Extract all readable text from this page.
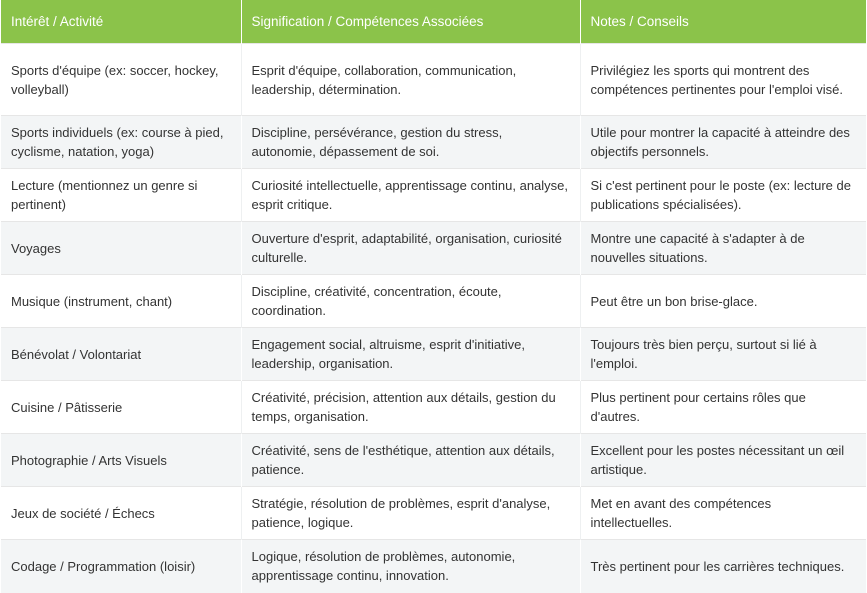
Intérêt / Activité	Signification / Compétences Associées	Notes / Conseils
Sports d'équipe (ex: soccer, hockey, volleyball)	Esprit d'équipe, collaboration, communication, leadership, détermination.	Privilégiez les sports qui montrent des compétences pertinentes pour l'emploi visé.
Sports individuels (ex: course à pied, cyclisme, natation, yoga)	Discipline, persévérance, gestion du stress, autonomie, dépassement de soi.	Utile pour montrer la capacité à atteindre des objectifs personnels.
Lecture (mentionnez un genre si pertinent)	Curiosité intellectuelle, apprentissage continu, analyse, esprit critique.	Si c'est pertinent pour le poste (ex: lecture de publications spécialisées).
Voyages	Ouverture d'esprit, adaptabilité, organisation, curiosité culturelle.	Montre une capacité à s'adapter à de nouvelles situations.
Musique (instrument, chant)	Discipline, créativité, concentration, écoute, coordination.	Peut être un bon brise-glace.
Bénévolat / Volontariat	Engagement social, altruisme, esprit d'initiative, leadership, organisation.	Toujours très bien perçu, surtout si lié à l'emploi.
Cuisine / Pâtisserie	Créativité, précision, attention aux détails, gestion du temps, organisation.	Plus pertinent pour certains rôles que d'autres.
Photographie / Arts Visuels	Créativité, sens de l'esthétique, attention aux détails, patience.	Excellent pour les postes nécessitant un œil artistique.
Jeux de société / Échecs	Stratégie, résolution de problèmes, esprit d'analyse, patience, logique.	Met en avant des compétences intellectuelles.
Codage / Programmation (loisir)	Logique, résolution de problèmes, autonomie, apprentissage continu, innovation.	Très pertinent pour les carrières techniques.
